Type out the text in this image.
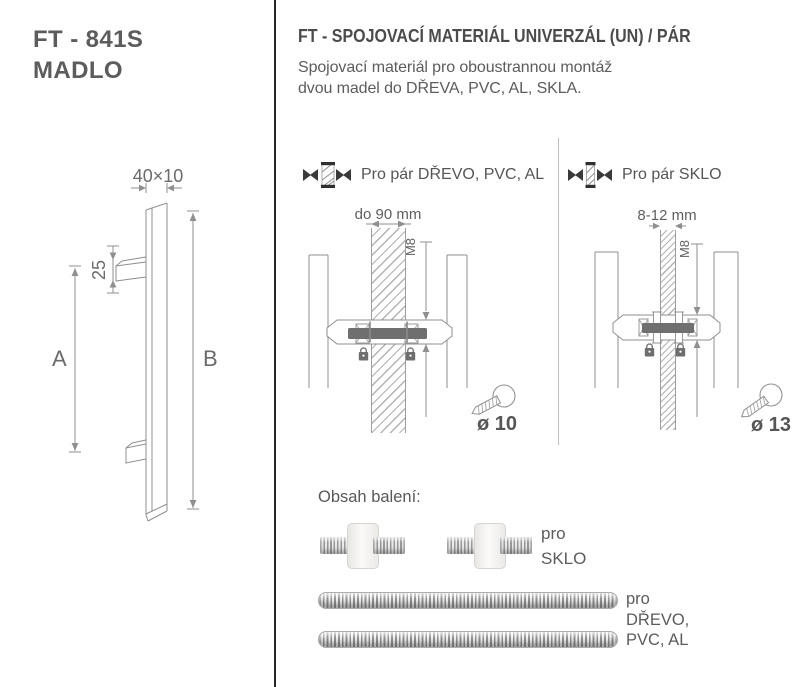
FT - 841S
MADLO
40×10
25
A	B
FT - SPOJOVACÍ MATERIÁL UNIVERZÁL (UN) / PÁR

Spojovací materiál pro oboustrannou montáž
dvou madel do DŘEVA, PVC, AL, SKLA.

Pro pár DŘEVO, PVC, AL	Pro pár SKLO
do 90 mm
M8
ø 10
8-12 mm
M8
ø 13
Obsah balení:
pro
SKLO
pro
DŘEVO,
PVC, AL
